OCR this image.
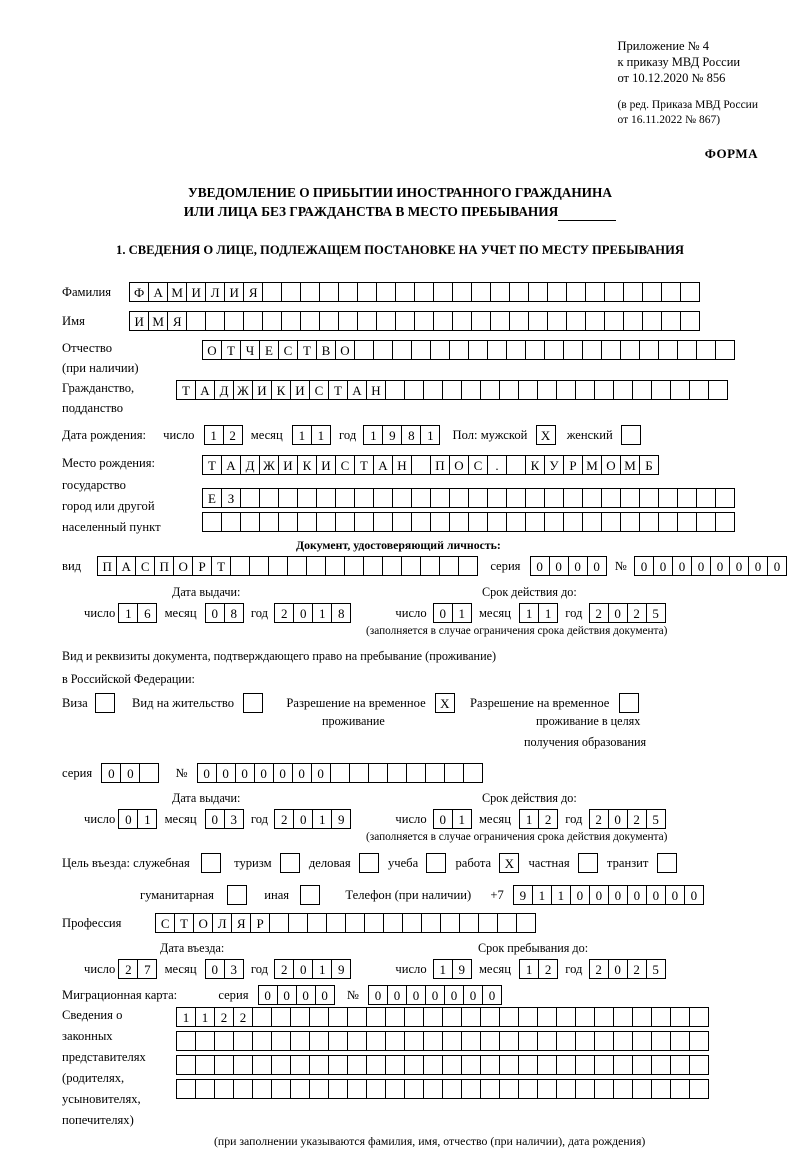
Приложение № 4
к приказу МВД России
от 10.12.2020 № 856
(в ред. Приказа МВД России
от 16.11.2022 № 867)
ФОРМА
УВЕДОМЛЕНИЕ О ПРИБЫТИИ ИНОСТРАННОГО ГРАЖДАНИНА
ИЛИ ЛИЦА БЕЗ ГРАЖДАНСТВА В МЕСТО ПРЕБЫВАНИЯ
1. СВЕДЕНИЯ О ЛИЦЕ, ПОДЛЕЖАЩЕМ ПОСТАНОВКЕ НА УЧЕТ ПО МЕСТУ ПРЕБЫВАНИЯ
Фамилия Ф А М И Л И Я
Имя	И М Я
Отчество
(при наличии)
О Т Ч Е С Т В О
Гражданство,
подданство
Т А Д Ж И К И С Т А Н
Дата рождения: число 1 2 месяц 1 1 год 1 9 8 1 Пол: мужской X женский
Место рождения:
государство
город или другой
населенный пункт
Т А Д Ж И К И С Т А Н П О С . К У Р М О М Б
Е З
Документ, удостоверяющий личность:
вид П А С П О Р Т	серия 0 0 0 0 № 0 0 0 0 0 0 0 0
Дата выдачи:	Срок действия до:
число 1 6 месяц 0 8 год 2 0 1 8	число 0 1 месяц 1 1 год 2 0 2 5
(заполняется в случае ограничения срока действия документа)
Вид и реквизиты документа, подтверждающего право на пребывание (проживание)
в Российской Федерации:
Виза	Вид на жительство	Разрешение на временное X Разрешение на временное
проживание	проживание в целях
получения образования
серия 0 0	№ 0 0 0 0 0 0 0
Дата выдачи:	Срок действия до:
число 0 1 месяц 0 3 год 2 0 1 9	число 0 1 месяц 1 2 год 2 0 2 5
(заполняется в случае ограничения срока действия документа)
Цель въезда: служебная	туризм	деловая	учеба	работа X частная	транзит
гуманитарная	иная	Телефон (при наличии) +7 9 1 1 0 0 0 0 0 0 0
Профессия	С Т О Л Я Р
Дата въезда:	Срок пребывания до:
число 2 7 месяц 0 3 год 2 0 1 9	число 1 9 месяц 1 2 год 2 0 2 5
Миграционная карта:	серия 0 0 0 0 № 0 0 0 0 0 0 0
Сведения о
законных
представителях
(родителях,
усыновителях,
попечителях)
1 1 2 2
(при заполнении указываются фамилия, имя, отчество (при наличии), дата рождения)
